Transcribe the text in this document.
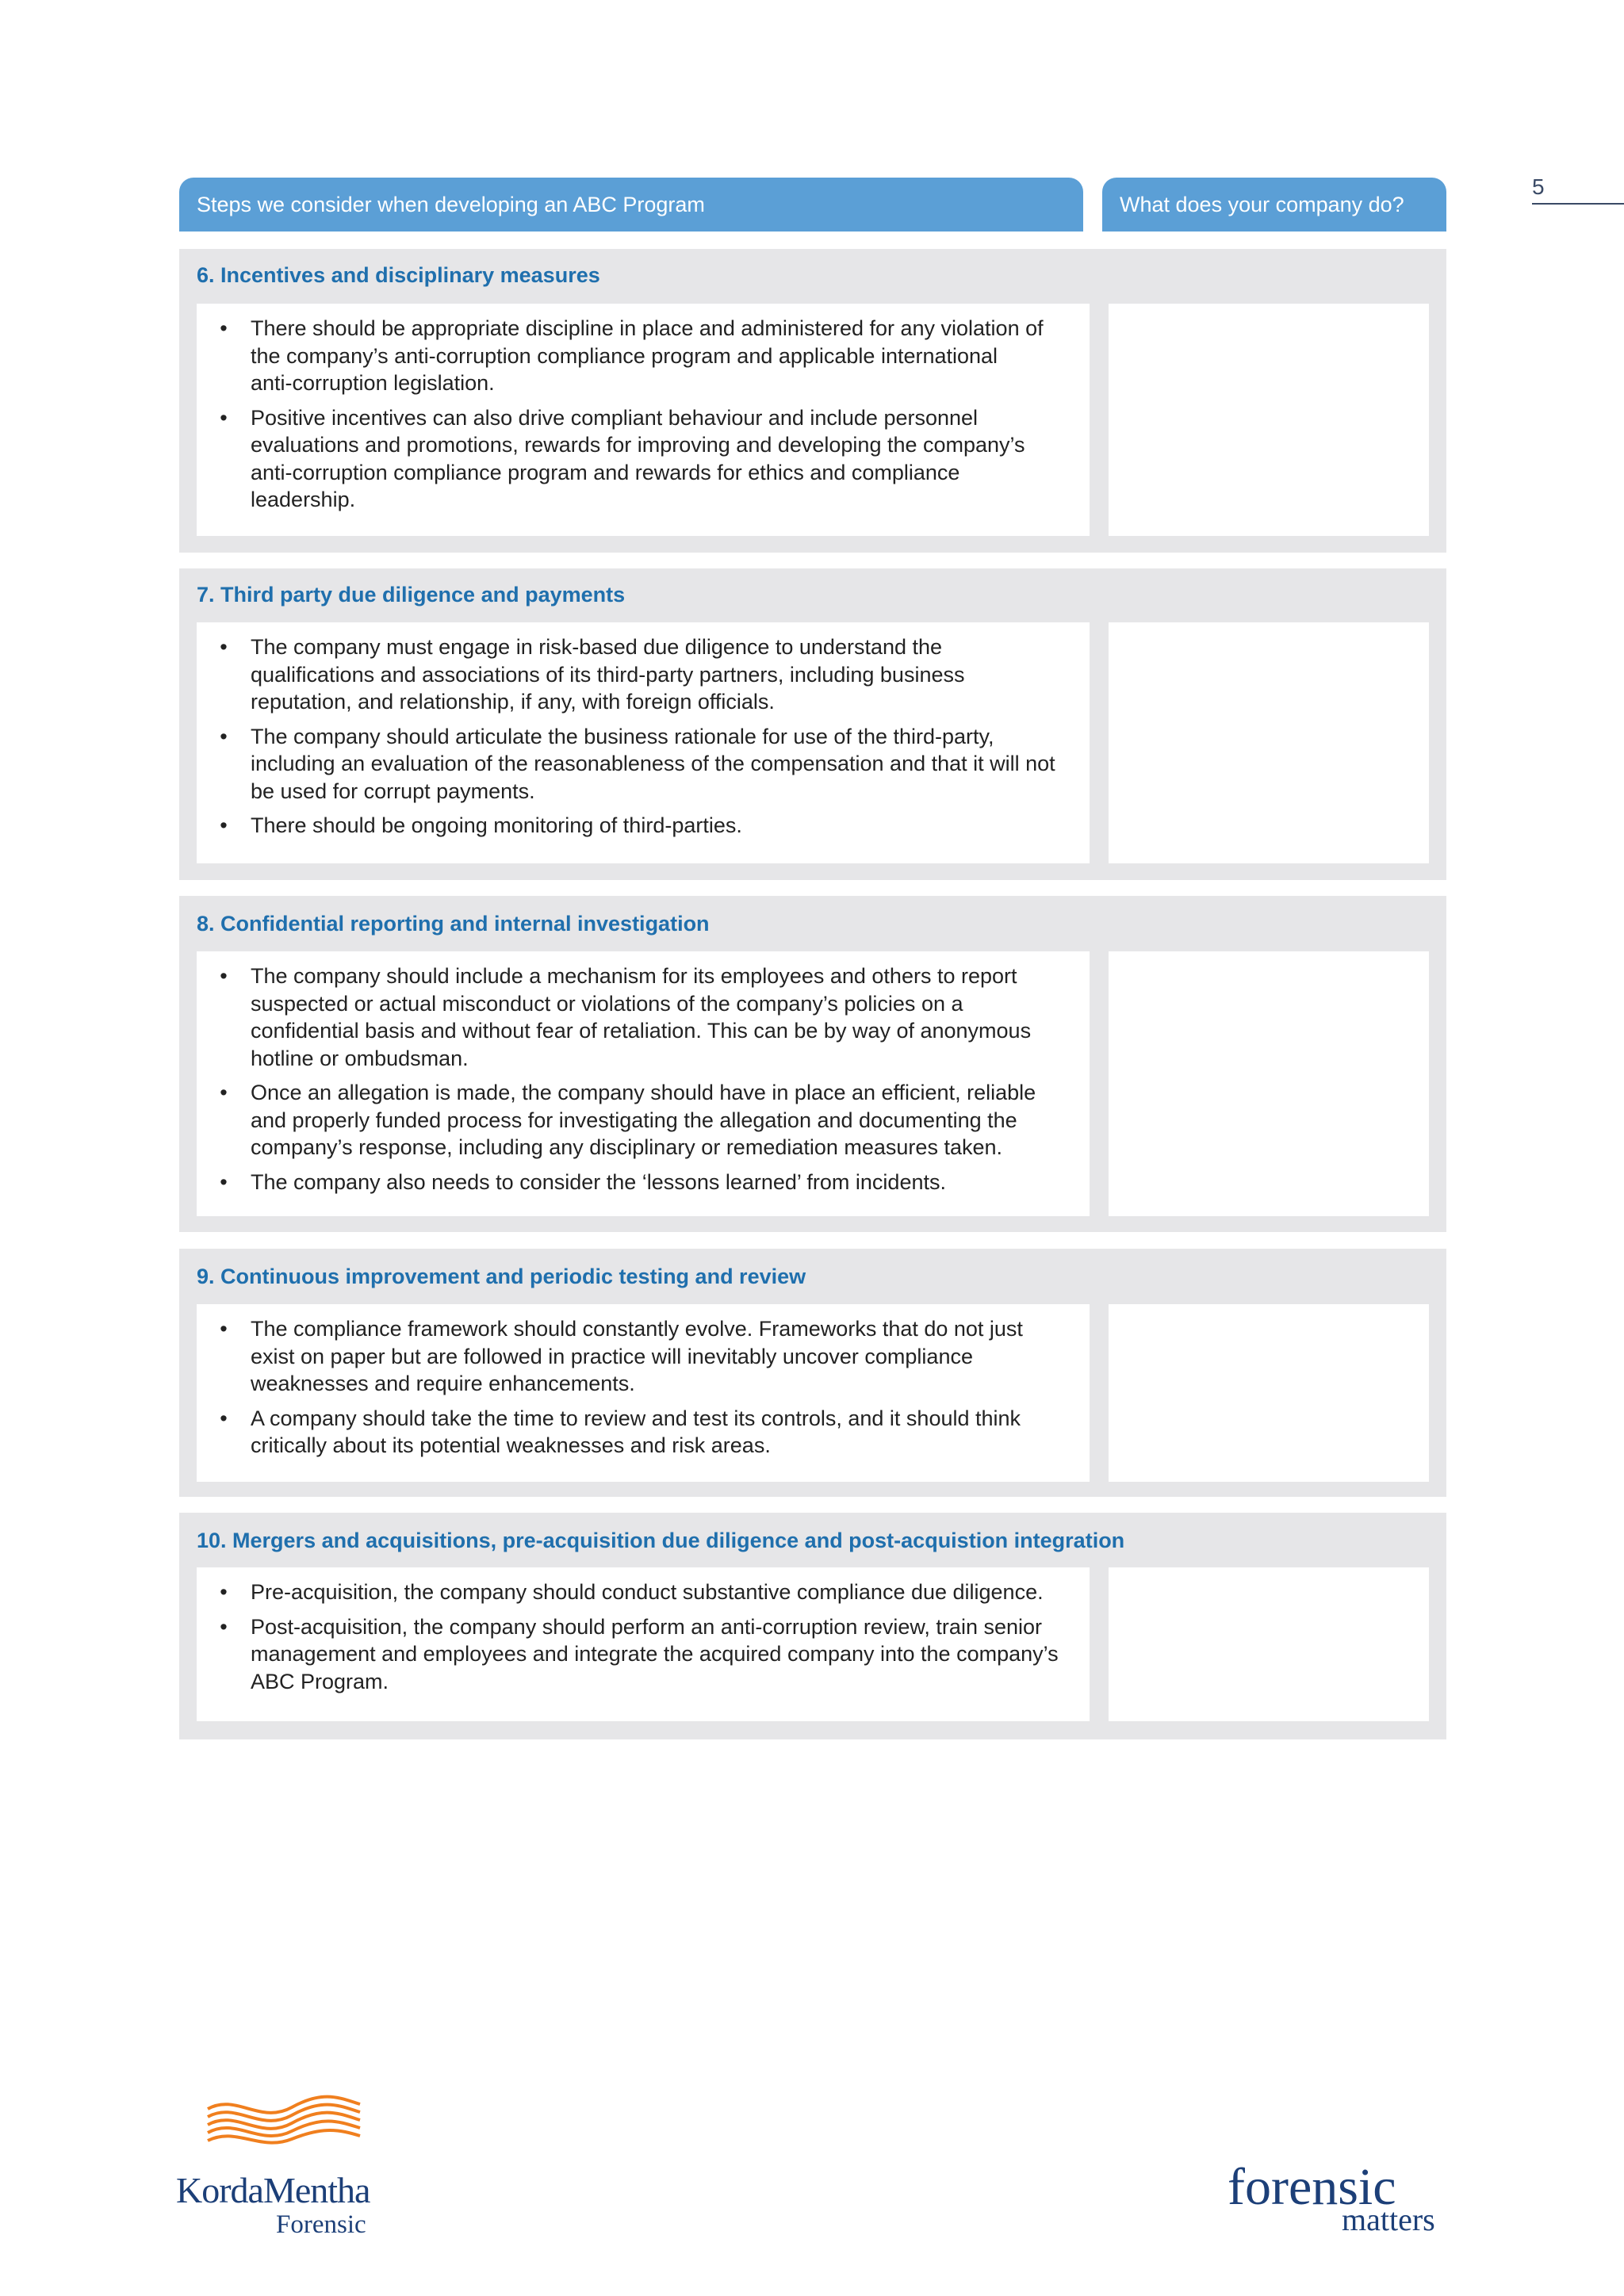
5
Steps we consider when developing an ABC Program	What does your company do?
6. Incentives and disciplinary measures
•	There should be appropriate discipline in place and administered for any violation of
the company’s anti-corruption compliance program and applicable international
anti-corruption legislation.
•	Positive incentives can also drive compliant behaviour and include personnel
evaluations and promotions, rewards for improving and developing the company’s
anti-corruption compliance program and rewards for ethics and compliance
leadership.
7. Third party due diligence and payments
•	The company must engage in risk-based due diligence to understand the
qualifications and associations of its third-party partners, including business
reputation, and relationship, if any, with foreign officials.
•	The company should articulate the business rationale for use of the third-party,
including an evaluation of the reasonableness of the compensation and that it will not
be used for corrupt payments.
•	There should be ongoing monitoring of third-parties.
8. Confidential reporting and internal investigation
•	The company should include a mechanism for its employees and others to report
suspected or actual misconduct or violations of the company’s policies on a
confidential basis and without fear of retaliation. This can be by way of anonymous
hotline or ombudsman.
•	Once an allegation is made, the company should have in place an efficient, reliable
and properly funded process for investigating the allegation and documenting the
company’s response, including any disciplinary or remediation measures taken.
•	The company also needs to consider the ‘lessons learned’ from incidents.
9. Continuous improvement and periodic testing and review
•	The compliance framework should constantly evolve. Frameworks that do not just
exist on paper but are followed in practice will inevitably uncover compliance
weaknesses and require enhancements.
•	A company should take the time to review and test its controls, and it should think
critically about its potential weaknesses and risk areas.
10. Mergers and acquisitions, pre-acquisition due diligence and post-acquistion integration
•	Pre-acquisition, the company should conduct substantive compliance due diligence.
•	Post-acquisition, the company should perform an anti-corruption review, train senior
management and employees and integrate the acquired company into the company’s
ABC Program.
KordaMentha
Forensic
forensic
matters
